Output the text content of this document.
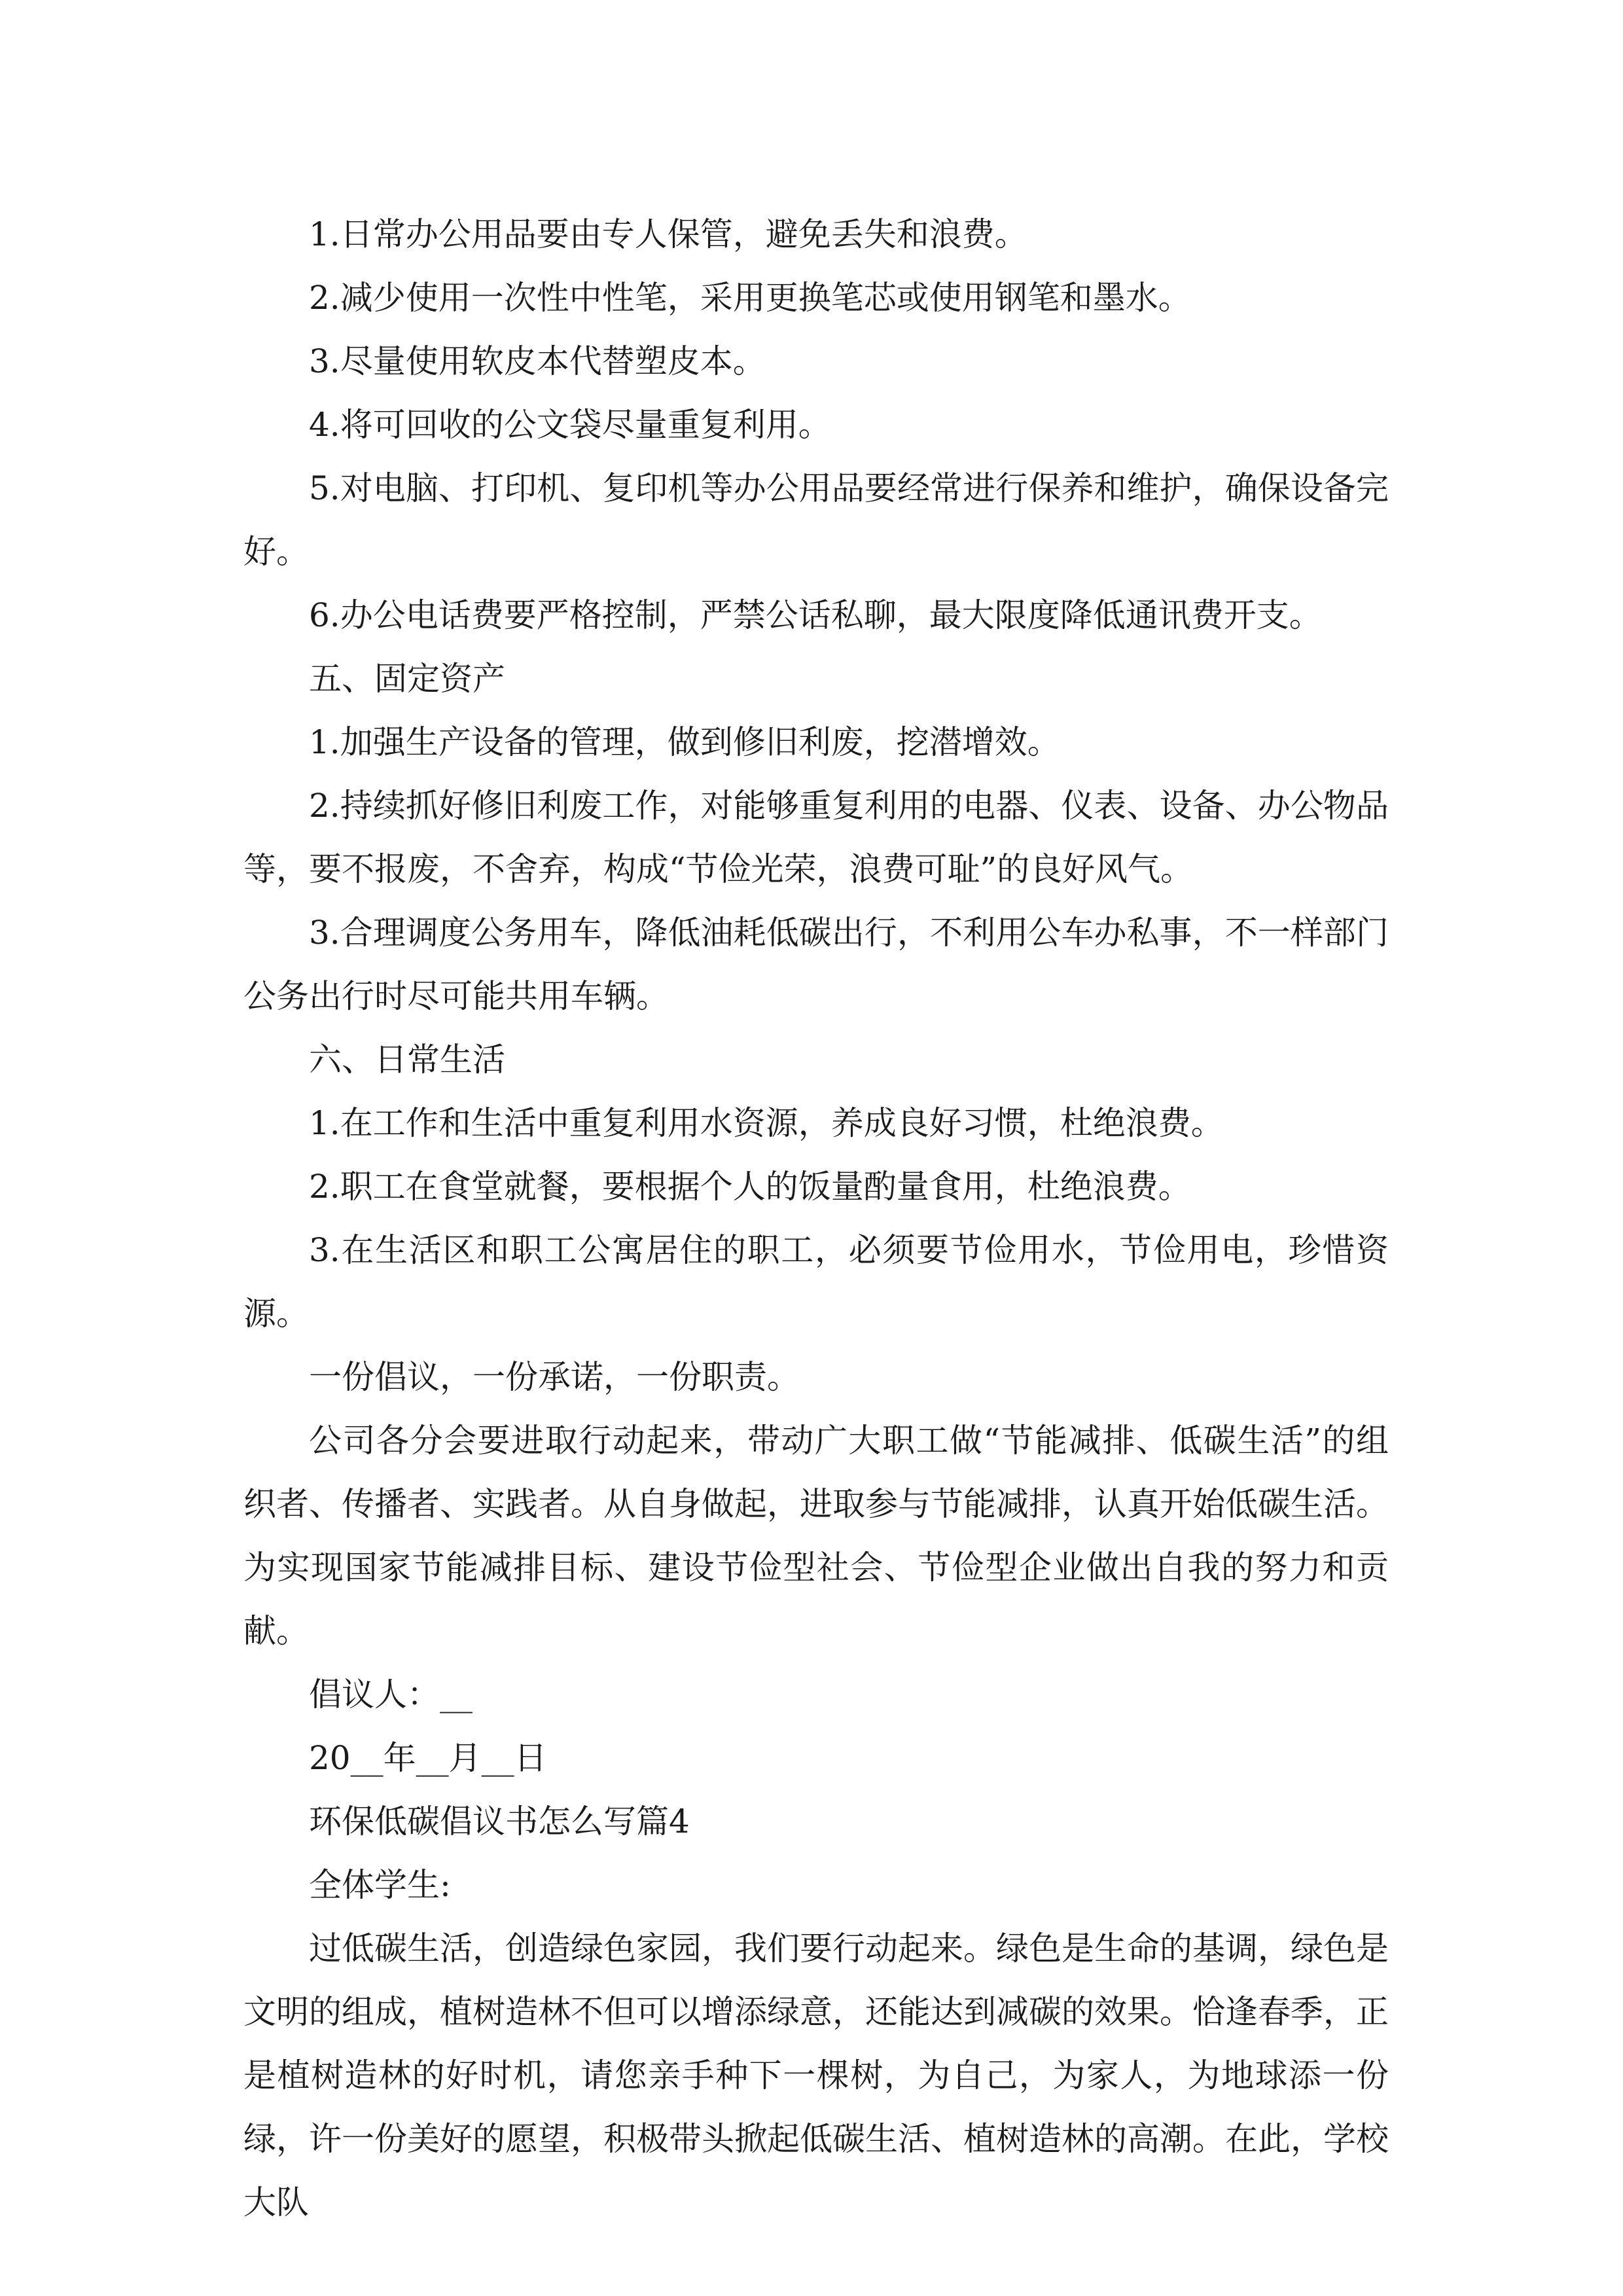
1.日常办公用品要由专人保管，避免丢失和浪费。

2.减少使用一次性中性笔，采用更换笔芯或使用钢笔和墨水。

3.尽量使用软皮本代替塑皮本。

4.将可回收的公文袋尽量重复利用。

5.对电脑、打印机、复印机等办公用品要经常进行保养和维护，确保设备完好。

6.办公电话费要严格控制，严禁公话私聊，最大限度降低通讯费开支。

五、固定资产

1.加强生产设备的管理，做到修旧利废，挖潜增效。

2.持续抓好修旧利废工作，对能够重复利用的电器、仪表、设备、办公物品等，要不报废，不舍弃，构成“节俭光荣，浪费可耻”的良好风气。

3.合理调度公务用车，降低油耗低碳出行，不利用公车办私事，不一样部门公务出行时尽可能共用车辆。

六、日常生活

1.在工作和生活中重复利用水资源，养成良好习惯，杜绝浪费。

2.职工在食堂就餐，要根据个人的饭量酌量食用，杜绝浪费。

3.在生活区和职工公寓居住的职工，必须要节俭用水，节俭用电，珍惜资源。

一份倡议，一份承诺，一份职责。

公司各分会要进取行动起来，带动广大职工做“节能减排、低碳生活”的组织者、传播者、实践者。从自身做起，进取参与节能减排，认真开始低碳生活。为实现国家节能减排目标、建设节俭型社会、节俭型企业做出自我的努力和贡献。

倡议人：__

20__年__月__日

环保低碳倡议书怎么写篇4

全体学生:

过低碳生活，创造绿色家园，我们要行动起来。绿色是生命的基调，绿色是文明的组成，植树造林不但可以增添绿意，还能达到减碳的效果。恰逢春季，正是植树造林的好时机，请您亲手种下一棵树，为自己，为家人，为地球添一份绿，许一份美好的愿望，积极带头掀起低碳生活、植树造林的高潮。在此，学校大队
